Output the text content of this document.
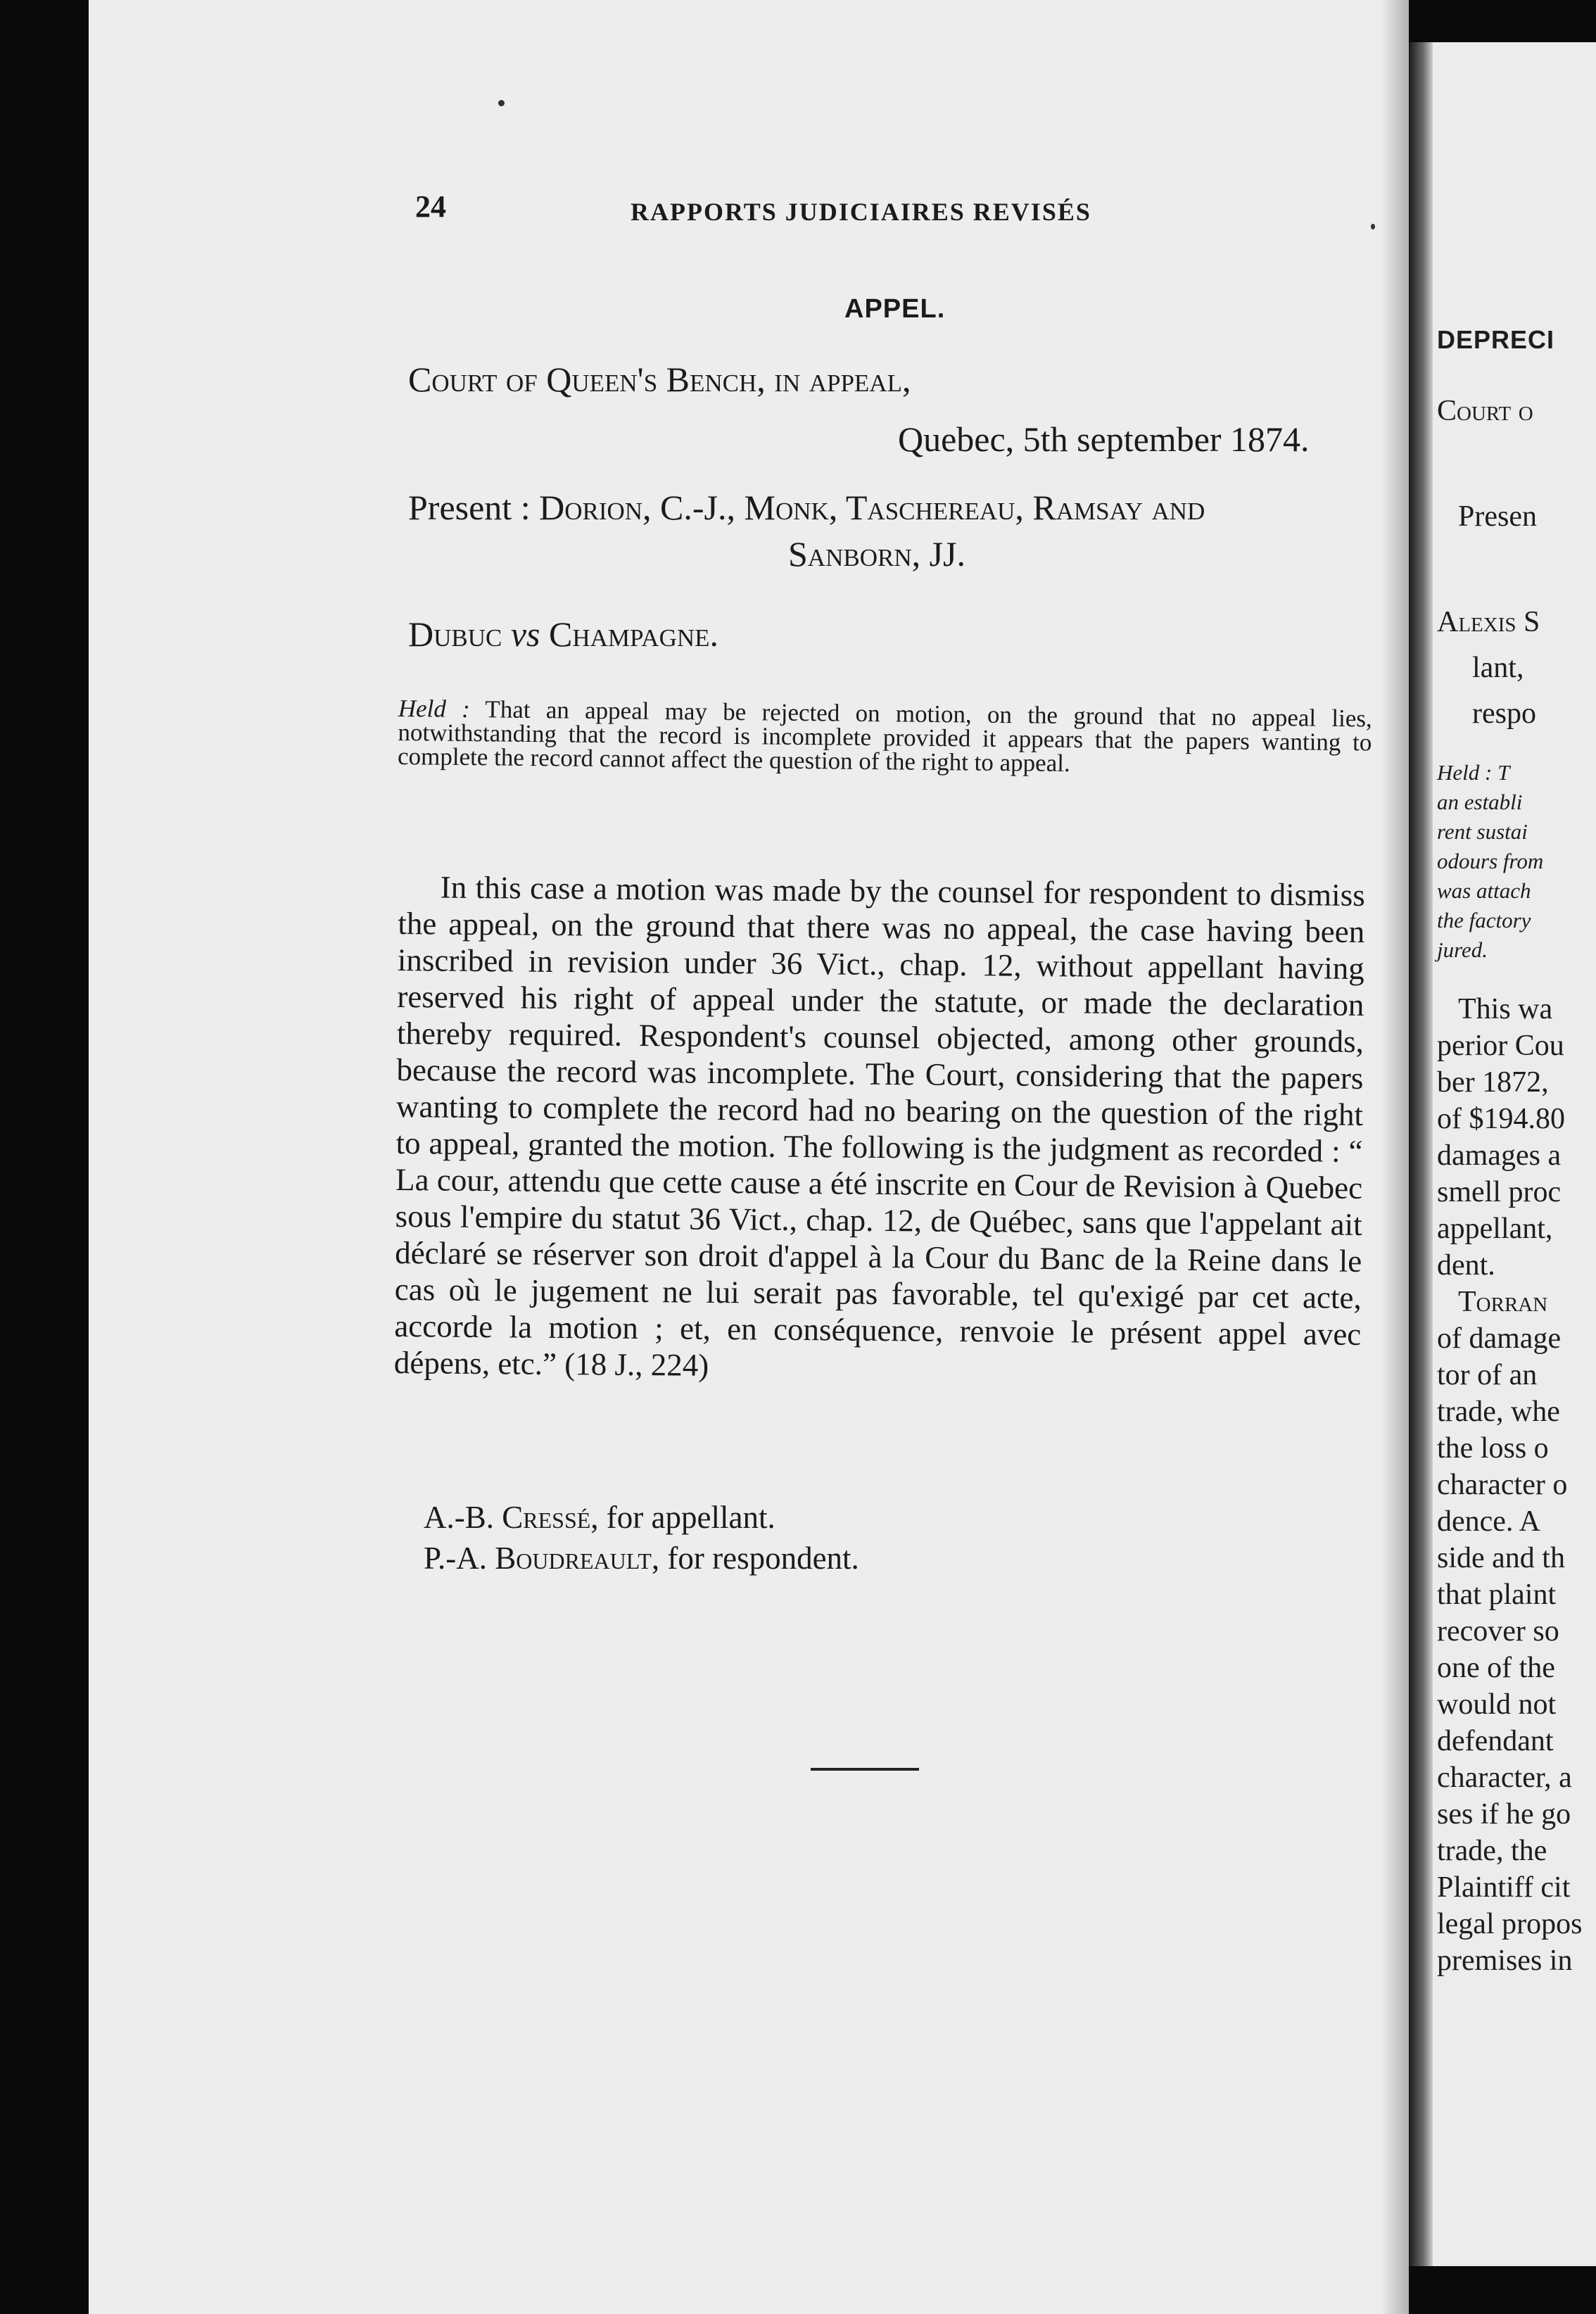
24	RAPPORTS JUDICIAIRES REVISÉS
APPEL.
Court of Queen's Bench, in appeal,
Quebec, 5th september 1874.
Present : Dorion, C.-J., Monk, Taschereau, Ramsay and
Sanborn, JJ.
Dubuc vs Champagne.
Held : That an appeal may be rejected on motion, on the ground that no appeal lies, notwithstanding that the record is incomplete provided it appears that the papers wanting to complete the record cannot affect the question of the right to appeal.
In this case a motion was made by the counsel for respondent to dismiss the appeal, on the ground that there was no appeal, the case having been inscribed in revision under 36 Vict., chap. 12, without appellant having reserved his right of appeal under the statute, or made the declaration thereby required. Respondent's counsel objected, among other grounds, because the record was incomplete. The Court, considering that the papers wanting to complete the record had no bearing on the question of the right to appeal, granted the motion. The following is the judgment as recorded : “ La cour, attendu que cette cause a été inscrite en Cour de Revision à Quebec sous l'empire du statut 36 Vict., chap. 12, de Québec, sans que l'appelant ait déclaré se réserver son droit d'appel à la Cour du Banc de la Reine dans le cas où le jugement ne lui serait pas favorable, tel qu'exigé par cet acte, accorde la motion ; et, en conséquence, renvoie le présent appel avec dépens, etc.” (18 J., 224)
A.-B. Cressé, for appellant.
P.-A. Boudreault, for respondent.
DEPRECI
Court o
Presen
Alexis S
lant,
respo
Held : T
an establi
rent sustai
odours from
was attach
the factory
jured.
This wa
perior Cou
ber 1872,
of $194.80
damages a
smell proc
appellant,
dent.
Torran
of damage
tor of an
trade, whe
the loss o
character o
dence. A
side and th
that plaint
recover so
one of the
would not
defendant
character, a
ses if he go
trade, the
Plaintiff cit
legal propos
premises in
